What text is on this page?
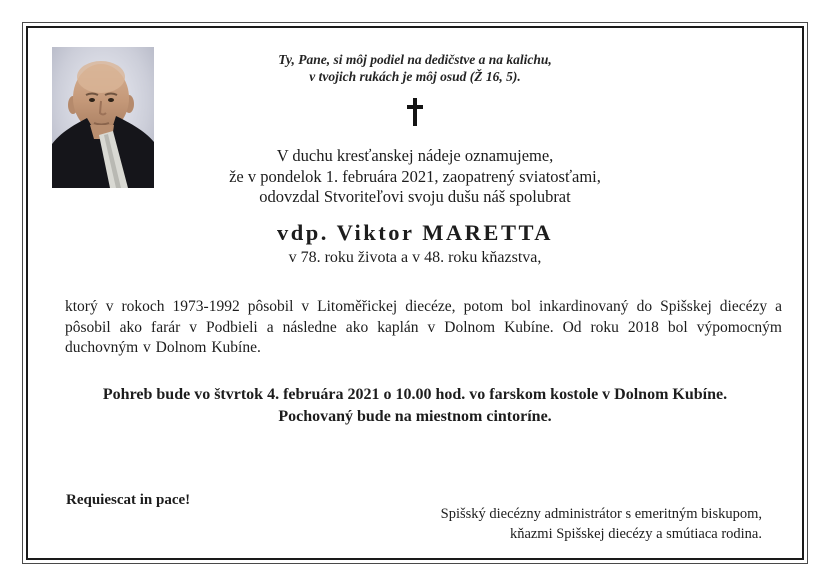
Ty, Pane, si môj podiel na dedičstve a na kalichu,
v tvojich rukách je môj osud (Ž 16, 5).
V duchu kresťanskej nádeje oznamujeme,
že v pondelok 1. februára 2021, zaopatrený sviatosťami,
odovzdal Stvoriteľovi svoju dušu náš spolubrat
vdp. Viktor MARETTA
v 78. roku života a v 48. roku kňazstva,
ktorý v rokoch 1973-1992 pôsobil v Litoměřickej diecéze, potom bol inkardinovaný do Spišskej diecézy a pôsobil ako farár v Podbieli a následne ako kaplán v Dolnom Kubíne. Od roku 2018 bol výpomocným duchovným v Dolnom Kubíne.
Pohreb bude vo štvrtok 4. februára 2021 o 10.00 hod. vo farskom kostole v Dolnom Kubíne.
Pochovaný bude na miestnom cintoríne.
Requiescat in pace!
Spišský diecézny administrátor s emeritným biskupom,
kňazmi Spišskej diecézy a smútiaca rodina.
